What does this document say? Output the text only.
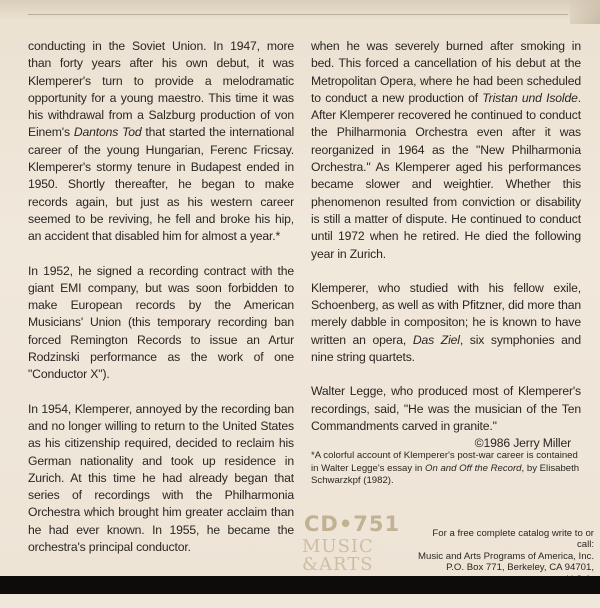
conducting in the Soviet Union. In 1947, more than forty years after his own debut, it was Klemperer's turn to provide a melodramatic opportunity for a young maestro. This time it was his withdrawal from a Salzburg production of von Einem's Dantons Tod that started the international career of the young Hungarian, Ferenc Fricsay. Klemperer's stormy tenure in Budapest ended in 1950. Shortly thereafter, he began to make records again, but just as his western career seemed to be reviving, he fell and broke his hip, an accident that disabled him for almost a year.*

In 1952, he signed a recording contract with the giant EMI company, but was soon forbidden to make European records by the American Musicians' Union (this temporary recording ban forced Remington Records to issue an Artur Rodzinski performance as the work of one "Conductor X").

In 1954, Klemperer, annoyed by the recording ban and no longer willing to return to the United States as his citizenship required, decided to reclaim his German nationality and took up residence in Zurich. At this time he had already began that series of recordings with the Philharmonia Orchestra which brought him greater acclaim than he had ever known. In 1955, he became the orchestra's principal conductor.

when he was severely burned after smoking in bed. This forced a cancellation of his debut at the Metropolitan Opera, where he had been scheduled to conduct a new production of Tristan und Isolde. After Klemperer recovered he continued to conduct the Philharmonia Orchestra even after it was reorganized in 1964 as the "New Philharmonia Orchestra." As Klemperer aged his performances became slower and weightier. Whether this phenomenon resulted from conviction or disability is still a matter of dispute. He continued to conduct until 1972 when he retired. He died the following year in Zurich.

Klemperer, who studied with his fellow exile, Schoenberg, as well as with Pfitzner, did more than merely dabble in compositon; he is known to have written an opera, Das Ziel, six symphonies and nine string quartets.

Walter Legge, who produced most of Klemperer's recordings, said, "He was the musician of the Ten Commandments carved in granite."

©1986 Jerry Miller

*A colorful account of Klemperer's post-war career is contained in Walter Legge's essay in On and Off the Record, by Elisabeth Schwarzkpf (1982).
CD•751
MUSIC
&ARTS
For a free complete catalog write to or call:
Music and Arts Programs of America, Inc.
P.O. Box 771, Berkeley, CA 94701,
